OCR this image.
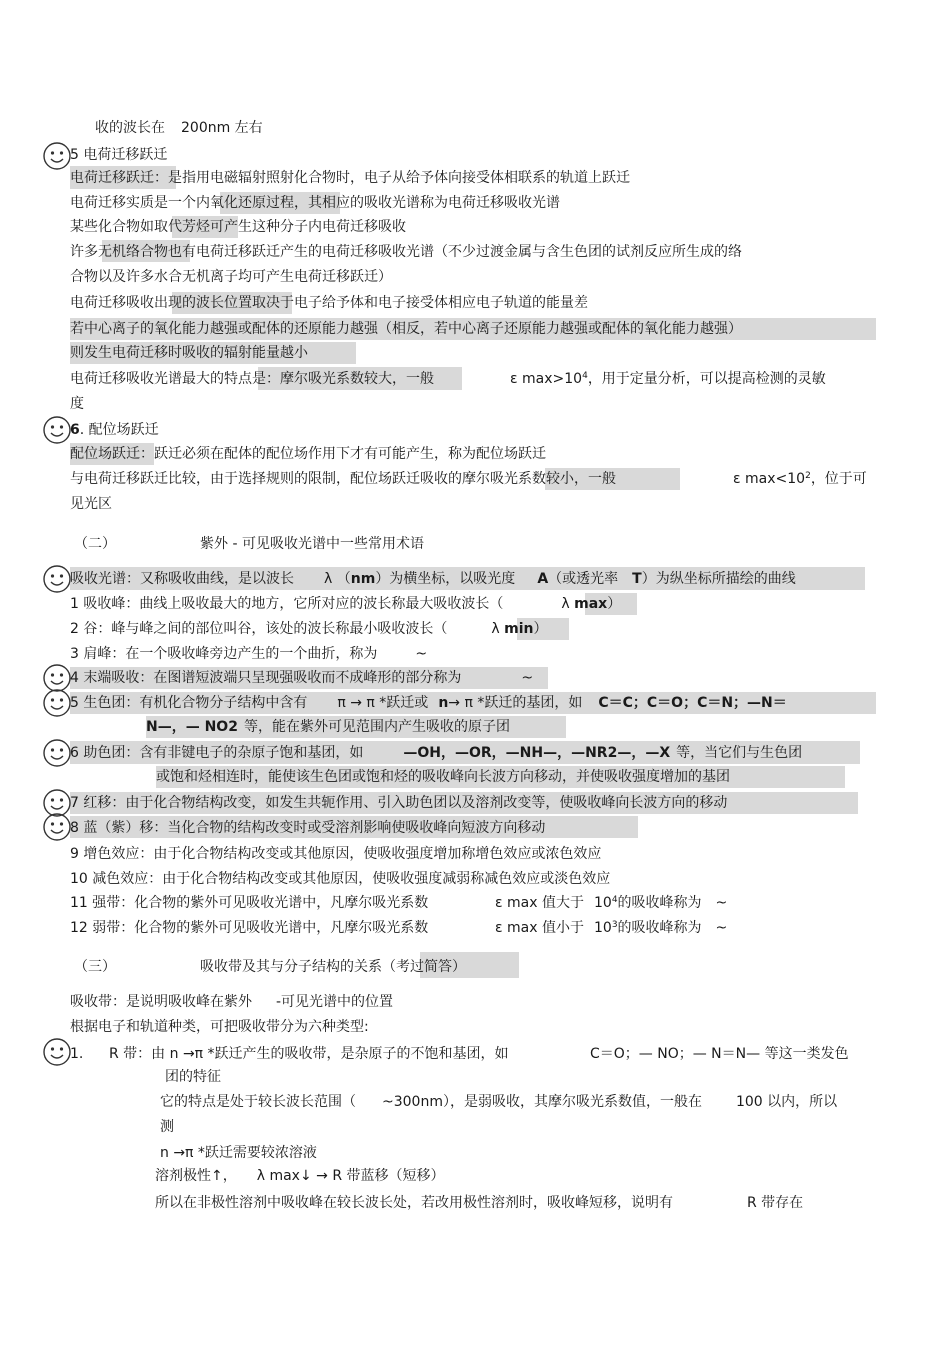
收的波长在 200nm 左右
5 电荷迁移跃迁
电荷迁移跃迁：是指用电磁辐射照射化合物时，电子从给予体向接受体相联系的轨道上跃迁
电荷迁移实质是一个内氧化还原过程，其相应的吸收光谱称为电荷迁移吸收光谱
某些化合物如取代芳烃可产生这种分子内电荷迁移吸收
许多无机络合物也有电荷迁移跃迁产生的电荷迁移吸收光谱（不少过渡金属与含生色团的试剂反应所生成的络
合物以及许多水合无机离子均可产生电荷迁移跃迁）
电荷迁移吸收出现的波长位置取决于电子给予体和电子接受体相应电子轨道的能量差
若中心离子的氧化能力越强或配体的还原能力越强（相反，若中心离子还原能力越强或配体的氧化能力越强）
则发生电荷迁移时吸收的辐射能量越小
电荷迁移吸收光谱最大的特点是：摩尔吸光系数较大，一般	ε $\max>10^4$，用于定量分析，可以提高检测的灵敏
度
6. 配位场跃迁
配位场跃迁：跃迁必须在配体的配位场作用下才有可能产生，称为配位场跃迁
与电荷迁移跃迁比较，由于选择规则的限制，配位场跃迁吸收的摩尔吸光系数较小，一般	ε $\max<10^2$，位于可
见光区
（二）	紫外 - 可见吸收光谱中一些常用术语
吸收光谱：又称吸收曲线，是以波长 λ （nm）为横坐标，以吸光度 A（或透光率 T）为纵坐标所描绘的曲线
1 吸收峰：曲线上吸收最大的地方，它所对应的波长称最大吸收波长（	λ max）
2 谷：峰与峰之间的部位叫谷，该处的波长称最小吸收波长（	λ min）
3 肩峰：在一个吸收峰旁边产生的一个曲折，称为	~
4 末端吸收：在图谱短波端只呈现强吸收而不成峰形的部分称为	~
5 生色团：有机化合物分子结构中含有 π → π *跃迁或 n→ π *跃迁的基团，如 C＝C；C＝O；C＝N；—N＝
N—，— NO2 等，能在紫外可见范围内产生吸收的原子团
6 助色团：含有非键电子的杂原子饱和基团，如	—OH，—OR，—NH—，—NR2—，—X 等，当它们与生色团
或饱和烃相连时，能使该生色团或饱和烃的吸收峰向长波方向移动，并使吸收强度增加的基团
7 红移：由于化合物结构改变，如发生共轭作用、引入助色团以及溶剂改变等，使吸收峰向长波方向的移动
8 蓝（紫）移：当化合物的结构改变时或受溶剂影响使吸收峰向短波方向移动
9 增色效应：由于化合物结构改变或其他原因，使吸收强度增加称增色效应或浓色效应
10 减色效应：由于化合物结构改变或其他原因，使吸收强度减弱称减色效应或淡色效应
11 强带：化合物的紫外可见吸收光谱中，凡摩尔吸光系数	ε max 值大于 $10^4$的吸收峰称为 ~
12 弱带：化合物的紫外可见吸收光谱中，凡摩尔吸光系数	ε max 值小于 $10^3$的吸收峰称为 ~
（三）	吸收带及其与分子结构的关系（考过简答）
吸收带：是说明吸收峰在紫外 -可见光谱中的位置
根据电子和轨道种类，可把吸收带分为六种类型:
1. R 带：由 n →π *跃迁产生的吸收带，是杂原子的不饱和基团，如	C＝O；— NO；— N＝N— 等这一类发色
团的特征
它的特点是处于较长波长范围（ ~300nm），是弱吸收，其摩尔吸光系数值，一般在 100 以内，所以
测
n →π *跃迁需要较浓溶液
溶剂极性↑， λ max↓ → R 带蓝移（短移）
所以在非极性溶剂中吸收峰在较长波长处，若改用极性溶剂时，吸收峰短移，说明有	R 带存在
